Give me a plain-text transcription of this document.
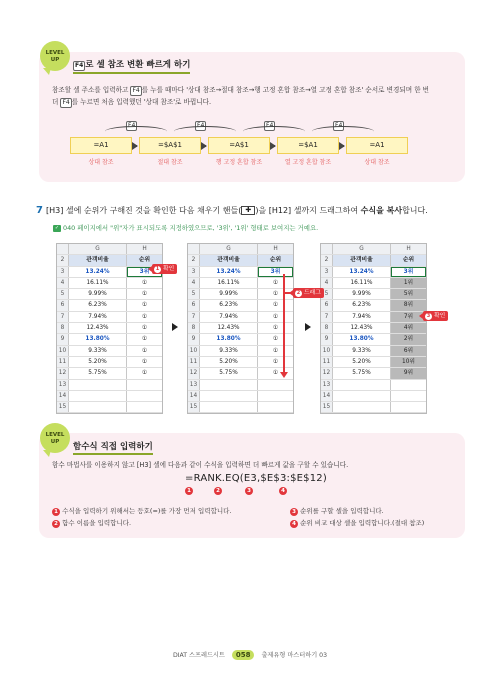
LEVEL
UP
F4 로 셀 참조 변환 빠르게 하기
참조할 셀 주소를 입력하고 F4 를 누를 때마다 '상대 참조→절대 참조→행 고정 혼합 참조→열 고정 혼합 참조' 순서로 변경되며 한 번
더 F4 를 누르면 처음 입력했던 '상대 참조'로 바뀝니다.
=A1
상대 참조
F4
=$A$1
절대 참조
F4
=A$1
행 고정 혼합 참조
F4
=$A1
열 고정 혼합 참조
F4
=A1
상대 참조
7 [H3] 셀에 순위가 구해진 것을 확인한 다음 채우기 핸들( ✚ )을 [H12] 셀까지 드래그하여 수식을 복사합니다.
✓ 040 페이지에서 "위"자가 표시되도록 지정하였으므로, '3위', '1위' 형태로 보여지는 거예요.
G	H
2	관객비율	순위
3	13.24%	3위
4	16.11%	①
5	9.99%	①
6	6.23%	①
7	7.94%	①
8	12.43%	①
9	13.80%	①
10	9.33%	①
11	5.20%	①
12	5.75%	①
13
14
15
G	H
2	관객비율	순위
3	13.24%	3위
4	16.11%	①
5	9.99%	①
6	6.23%	①
7	7.94%	①
8	12.43%	①
9	13.80%	①
10	9.33%	①
11	5.20%	①
12	5.75%	①
13
14
15
G	H
2	관객비율	순위
3	13.24%	3위
4	16.11%	1위
5	9.99%	5위
6	6.23%	8위
7	7.94%	7위
8	12.43%	4위
9	13.80%	2위
10	9.33%	6위
11	5.20%	10위
12	5.75%	9위
13
14
15
1 확인
2 드래그
3 확인
LEVEL
UP	함수식 직접 입력하기
함수 마법사를 이용하지 않고 [H3] 셀에 다음과 같이 수식을 입력하면 더 빠르게 값을 구할 수 있습니다.
=RANK.EQ(E3,$E$3:$E$12)
1	2	3	4
1 수식을 입력하기 위해서는 등호(=)를 가장 먼저 입력합니다.
2 함수 이름을 입력합니다.
3 순위를 구할 셀을 입력합니다.
4 순위 비교 대상 셀을 입력합니다.(절대 참조)
DIAT 스프레드시트 058 출제유형 마스터하기 03
